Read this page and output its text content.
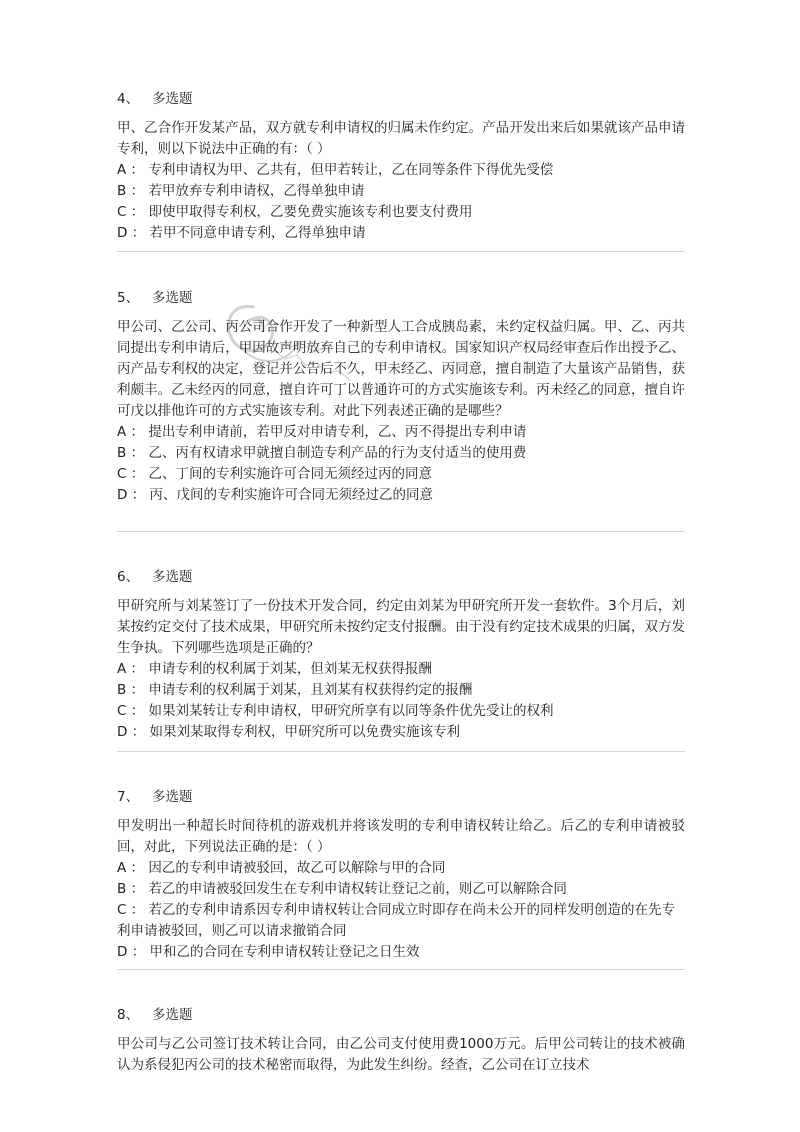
4、 多选题

甲、乙合作开发某产品，双方就专利申请权的归属未作约定。产品开发出来后如果就该产品申请专利，则以下说法中正确的有：（ ）

A ： 专利申请权为甲、乙共有，但甲若转让，乙在同等条件下得优先受偿

B ： 若甲放弃专利申请权，乙得单独申请

C ： 即使甲取得专利权，乙要免费实施该专利也要支付费用

D ： 若甲不同意申请专利，乙得单独申请

5、 多选题

甲公司、乙公司、丙公司合作开发了一种新型人工合成胰岛素，未约定权益归属。甲、乙、丙共同提出专利申请后，甲因故声明放弃自己的专利申请权。国家知识产权局经审查后作出授予乙、丙产品专利权的决定，登记并公告后不久，甲未经乙、丙同意，擅自制造了大量该产品销售，获利颇丰。乙未经丙的同意，擅自许可丁以普通许可的方式实施该专利。丙未经乙的同意，擅自许可戊以排他许可的方式实施该专利。对此下列表述正确的是哪些？

A ： 提出专利申请前，若甲反对申请专利，乙、丙不得提出专利申请

B ： 乙、丙有权请求甲就擅自制造专利产品的行为支付适当的使用费

C ： 乙、丁间的专利实施许可合同无须经过丙的同意

D ： 丙、戊间的专利实施许可合同无须经过乙的同意

6、 多选题

甲研究所与刘某签订了一份技术开发合同，约定由刘某为甲研究所开发一套软件。3个月后，刘某按约定交付了技术成果，甲研究所未按约定支付报酬。由于没有约定技术成果的归属，双方发生争执。下列哪些选项是正确的？

A ： 申请专利的权利属于刘某，但刘某无权获得报酬

B ： 申请专利的权利属于刘某，且刘某有权获得约定的报酬

C ： 如果刘某转让专利申请权，甲研究所享有以同等条件优先受让的权利

D ： 如果刘某取得专利权，甲研究所可以免费实施该专利

7、 多选题

甲发明出一种超长时间待机的游戏机并将该发明的专利申请权转让给乙。后乙的专利申请被驳回，对此，下列说法正确的是：（ ）

A ： 因乙的专利申请被驳回，故乙可以解除与甲的合同

B ： 若乙的申请被驳回发生在专利申请权转让登记之前，则乙可以解除合同

C ： 若乙的专利申请系因专利申请权转让合同成立时即存在尚未公开的同样发明创造的在先专利申请被驳回，则乙可以请求撤销合同

D ： 甲和乙的合同在专利申请权转让登记之日生效

8、 多选题

甲公司与乙公司签订技术转让合同，由乙公司支付使用费1000万元。后甲公司转让的技术被确认为系侵犯丙公司的技术秘密而取得，为此发生纠纷。经查，乙公司在订立技术
